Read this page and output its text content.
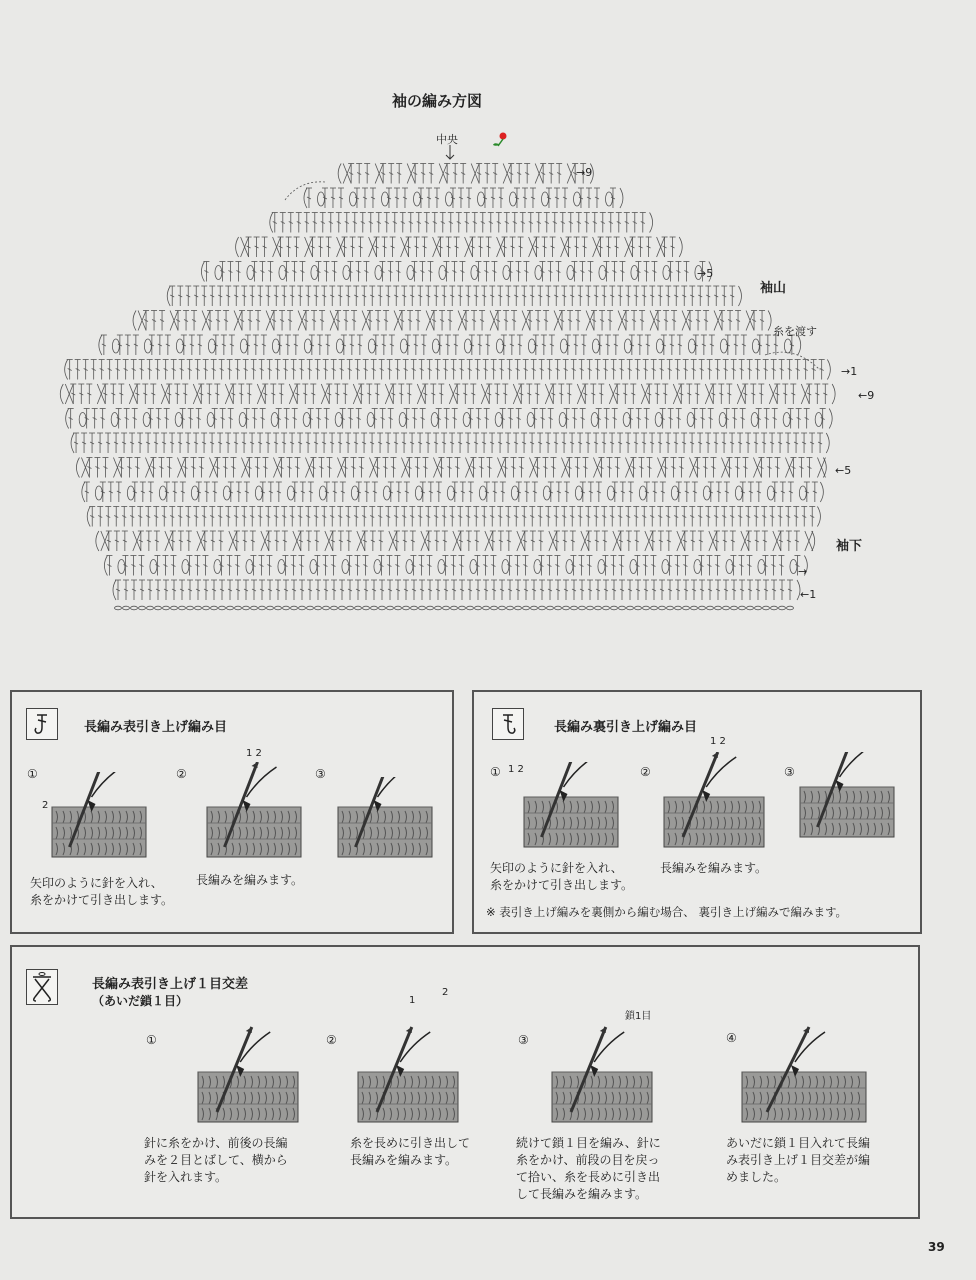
袖の編み方図
中央
袖山
糸を渡す
袖下
→9
→5
→1
←9
←5
→
←1
長編み表引き上げ編み目
①	②	③
2
1 2
矢印のように針を入れ、
糸をかけて引き出します。
長編みを編みます。
長編み裏引き上げ編み目
①	②	③
1 2
1 2
矢印のように針を入れ、
糸をかけて引き出します。
長編みを編みます。
※ 表引き上げ編みを裏側から編む場合、 裏引き上げ編みで編みます。
長編み表引き上げ１目交差
（あいだ鎖１目）
①	②	③	④
1
2
鎖1目
針に糸をかけ、前後の長編
みを２目とばして、横から
針を入れます。
糸を長めに引き出して
長編みを編みます。
続けて鎖１目を編み、針に
糸をかけ、前段の目を戻っ
て拾い、糸を長めに引き出
して長編みを編みます。
あいだに鎖１目入れて長編
み表引き上げ１目交差が編
めました。
39
